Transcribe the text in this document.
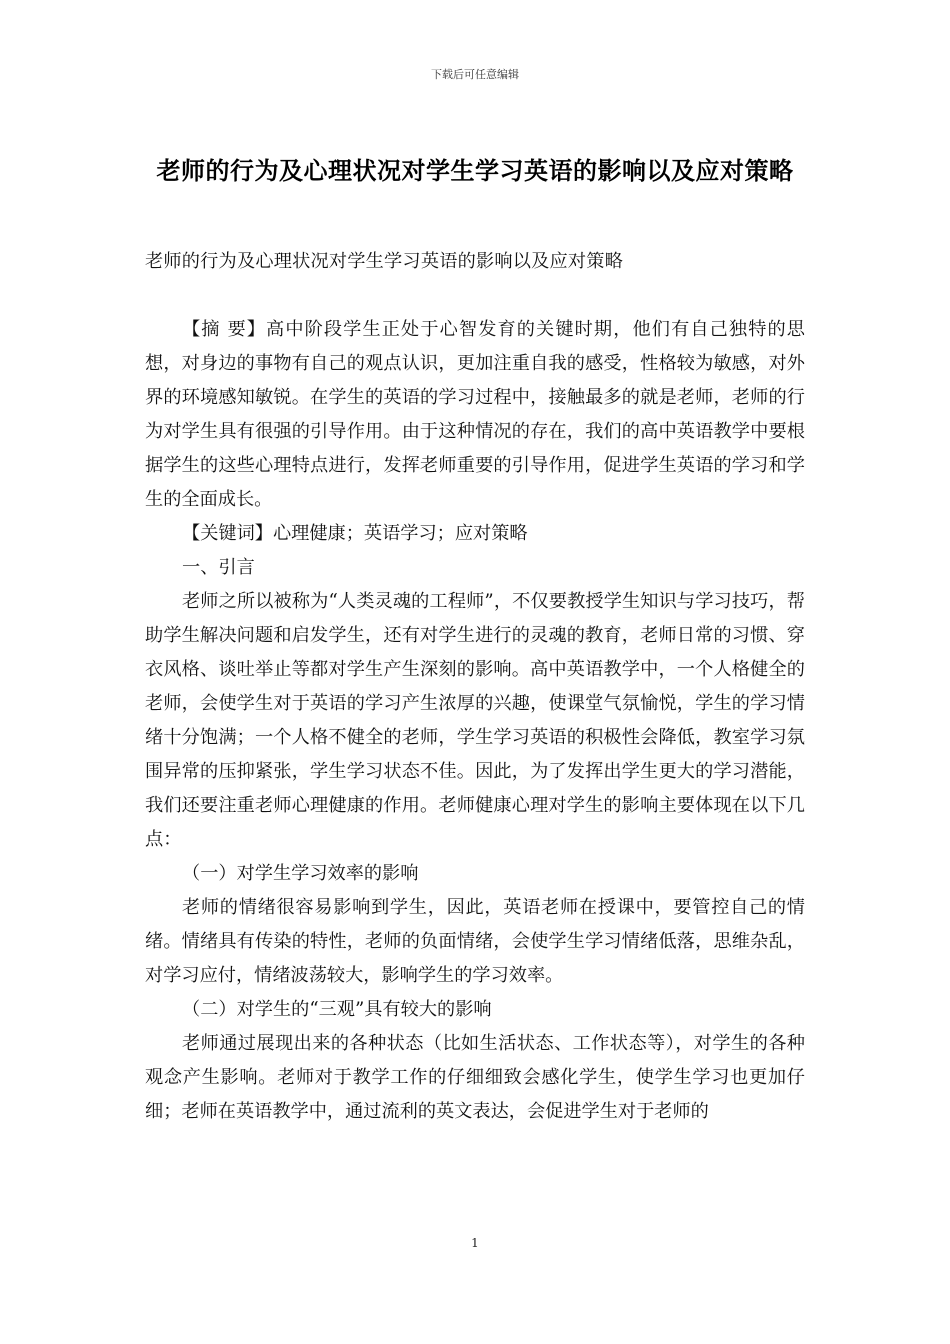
下载后可任意编辑
老师的行为及心理状况对学生学习英语的影响以及应对策略

老师的行为及心理状况对学生学习英语的影响以及应对策略

【摘 要】高中阶段学生正处于心智发育的关键时期，他们有自己独特的思想，对身边的事物有自己的观点认识，更加注重自我的感受，性格较为敏感，对外界的环境感知敏锐。在学生的英语的学习过程中，接触最多的就是老师，老师的行为对学生具有很强的引导作用。由于这种情况的存在，我们的高中英语教学中要根据学生的这些心理特点进行，发挥老师重要的引导作用，促进学生英语的学习和学生的全面成长。

【关键词】心理健康；英语学习；应对策略

一、引言

老师之所以被称为“人类灵魂的工程师”，不仅要教授学生知识与学习技巧，帮助学生解决问题和启发学生，还有对学生进行的灵魂的教育，老师日常的习惯、穿衣风格、谈吐举止等都对学生产生深刻的影响。高中英语教学中，一个人格健全的老师，会使学生对于英语的学习产生浓厚的兴趣，使课堂气氛愉悦，学生的学习情绪十分饱满；一个人格不健全的老师，学生学习英语的积极性会降低，教室学习氛围异常的压抑紧张，学生学习状态不佳。因此，为了发挥出学生更大的学习潜能，我们还要注重老师心理健康的作用。老师健康心理对学生的影响主要体现在以下几点：

（一）对学生学习效率的影响

老师的情绪很容易影响到学生，因此，英语老师在授课中，要管控自己的情绪。情绪具有传染的特性，老师的负面情绪，会使学生学习情绪低落，思维杂乱，对学习应付，情绪波荡较大，影响学生的学习效率。

（二）对学生的“三观”具有较大的影响

老师通过展现出来的各种状态（比如生活状态、工作状态等），对学生的各种观念产生影响。老师对于教学工作的仔细细致会感化学生，使学生学习也更加仔细；老师在英语教学中，通过流利的英文表达，会促进学生对于老师的

1
